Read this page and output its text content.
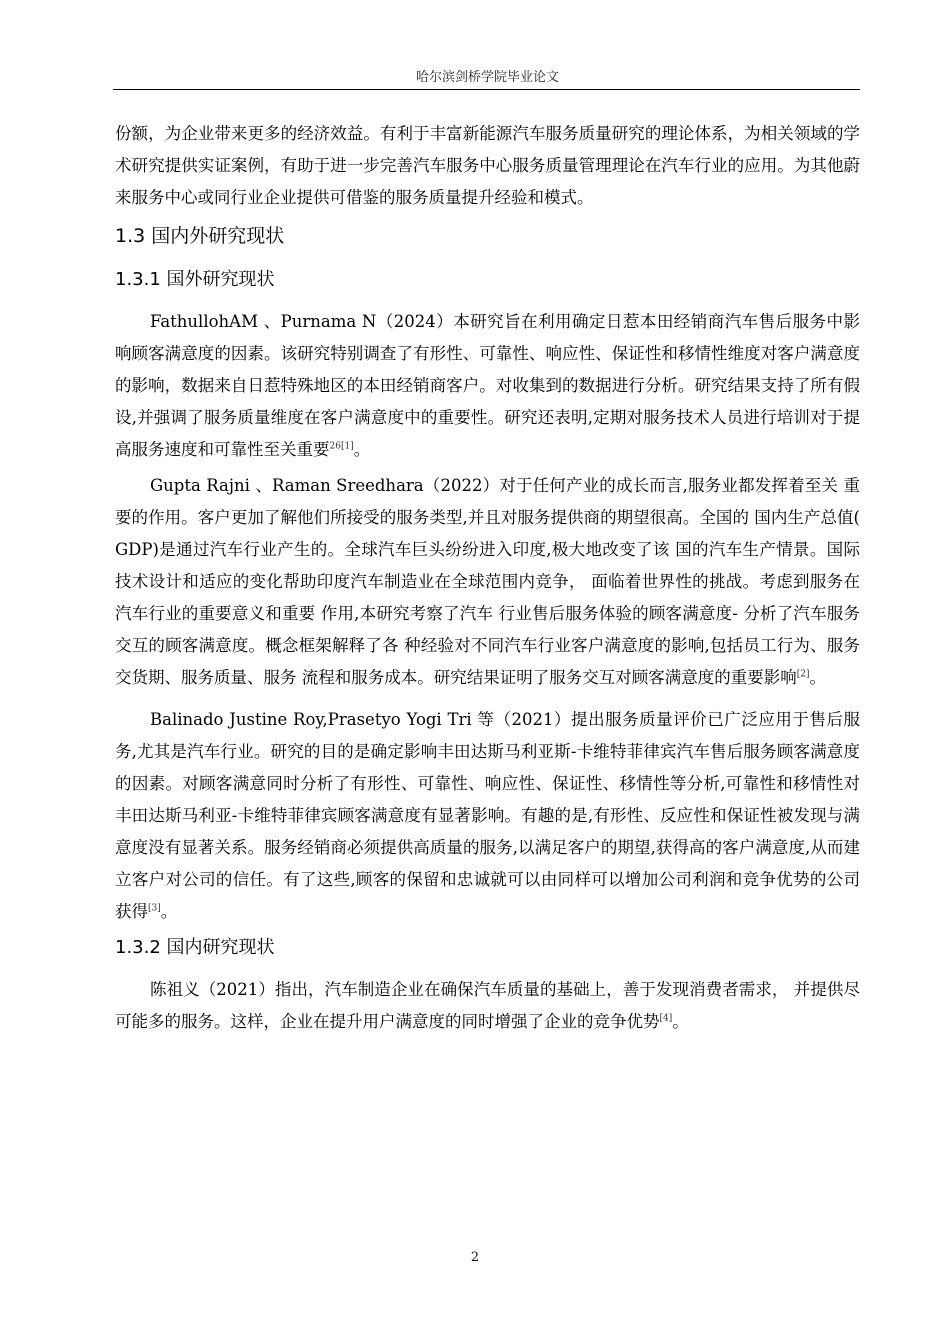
哈尔滨剑桥学院毕业论文

份额，为企业带来更多的经济效益。有利于丰富新能源汽车服务质量研究的理论体系，为相关领域的学术研究提供实证案例，有助于进一步完善汽车服务中心服务质量管理理论在汽车行业的应用。为其他蔚来服务中心或同行业企业提供可借鉴的服务质量提升经验和模式。

1.3 国内外研究现状
1.3.1 国外研究现状

FathullohAM 、Purnama N（2024）本研究旨在利用确定日惹本田经销商汽车售后服务中影响顾客满意度的因素。该研究特别调查了有形性、可靠性、响应性、保证性和移情性维度对客户满意度的影响，数据来自日惹特殊地区的本田经销商客户。对收集到的数据进行分析。研究结果支持了所有假设,并强调了服务质量维度在客户满意度中的重要性。研究还表明,定期对服务技术人员进行培训对于提高服务速度和可靠性至关重要$^{26[1]}$。

Gupta Rajni 、Raman Sreedhara（2022）对于任何产业的成长而言,服务业都发挥着至关 重要的作用。客户更加了解他们所接受的服务类型,并且对服务提供商的期望很高。全国的 国内生产总值( GDP)是通过汽车行业产生的。全球汽车巨头纷纷进入印度,极大地改变了该 国的汽车生产情景。国际技术设计和适应的变化帮助印度汽车制造业在全球范围内竞争， 面临着世界性的挑战。考虑到服务在汽车行业的重要意义和重要 作用,本研究考察了汽车 行业售后服务体验的顾客满意度- 分析了汽车服务交互的顾客满意度。概念框架解释了各 种经验对不同汽车行业客户满意度的影响,包括员工行为、服务交货期、服务质量、服务 流程和服务成本。研究结果证明了服务交互对顾客满意度的重要影响[2]。

Balinado Justine Roy,Prasetyo Yogi Tri 等（2021）提出服务质量评价已广泛应用于售后服务,尤其是汽车行业。研究的目的是确定影响丰田达斯马利亚斯-卡维特菲律宾汽车售后服务顾客满意度的因素。对顾客满意同时分析了有形性、可靠性、响应性、保证性、移情性等分析,可靠性和移情性对丰田达斯马利亚-卡维特菲律宾顾客满意度有显著影响。有趣的是,有形性、反应性和保证性被发现与满意度没有显著关系。服务经销商必须提供高质量的服务,以满足客户的期望,获得高的客户满意度,从而建立客户对公司的信任。有了这些,顾客的保留和忠诚就可以由同样可以增加公司利润和竞争优势的公司获得[3]。

1.3.2 国内研究现状

陈祖义（2021）指出，汽车制造企业在确保汽车质量的基础上，善于发现消费者需求， 并提供尽可能多的服务。这样，企业在提升用户满意度的同时增强了企业的竞争优势[4]。

2
